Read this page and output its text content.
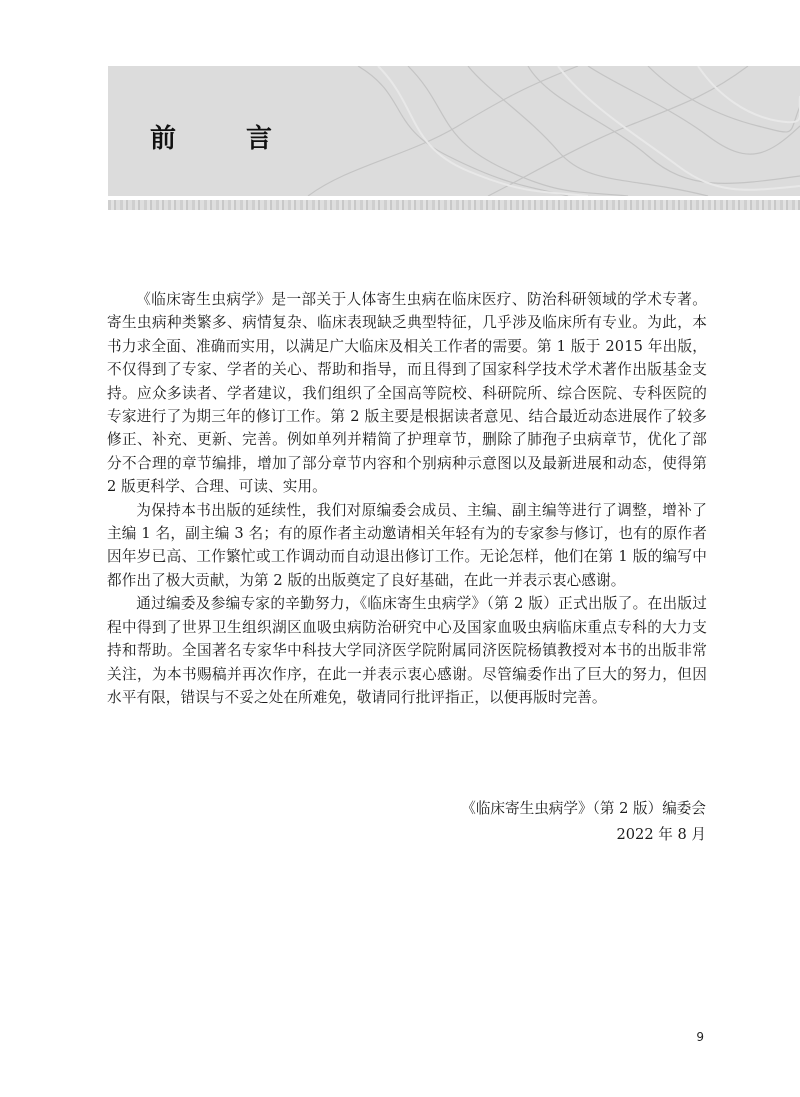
前　言

《临床寄生虫病学》是一部关于人体寄生虫病在临床医疗、防治科研领域的学术专著。寄生虫病种类繁多、病情复杂、临床表现缺乏典型特征，几乎涉及临床所有专业。为此，本书力求全面、准确而实用，以满足广大临床及相关工作者的需要。第 1 版于 2015 年出版，不仅得到了专家、学者的关心、帮助和指导，而且得到了国家科学技术学术著作出版基金支持。应众多读者、学者建议，我们组织了全国高等院校、科研院所、综合医院、专科医院的专家进行了为期三年的修订工作。第 2 版主要是根据读者意见、结合最近动态进展作了较多修正、补充、更新、完善。例如单列并精简了护理章节，删除了肺孢子虫病章节，优化了部分不合理的章节编排，增加了部分章节内容和个别病种示意图以及最新进展和动态，使得第 2 版更科学、合理、可读、实用。

为保持本书出版的延续性，我们对原编委会成员、主编、副主编等进行了调整，增补了主编 1 名，副主编 3 名；有的原作者主动邀请相关年轻有为的专家参与修订，也有的原作者因年岁已高、工作繁忙或工作调动而自动退出修订工作。无论怎样，他们在第 1 版的编写中都作出了极大贡献，为第 2 版的出版奠定了良好基础，在此一并表示衷心感谢。

通过编委及参编专家的辛勤努力，《临床寄生虫病学》（第 2 版）正式出版了。在出版过程中得到了世界卫生组织湖区血吸虫病防治研究中心及国家血吸虫病临床重点专科的大力支持和帮助。全国著名专家华中科技大学同济医学院附属同济医院杨镇教授对本书的出版非常关注，为本书赐稿并再次作序，在此一并表示衷心感谢。尽管编委作出了巨大的努力，但因水平有限，错误与不妥之处在所难免，敬请同行批评指正，以便再版时完善。

《临床寄生虫病学》（第 2 版）编委会
2022 年 8 月
9
